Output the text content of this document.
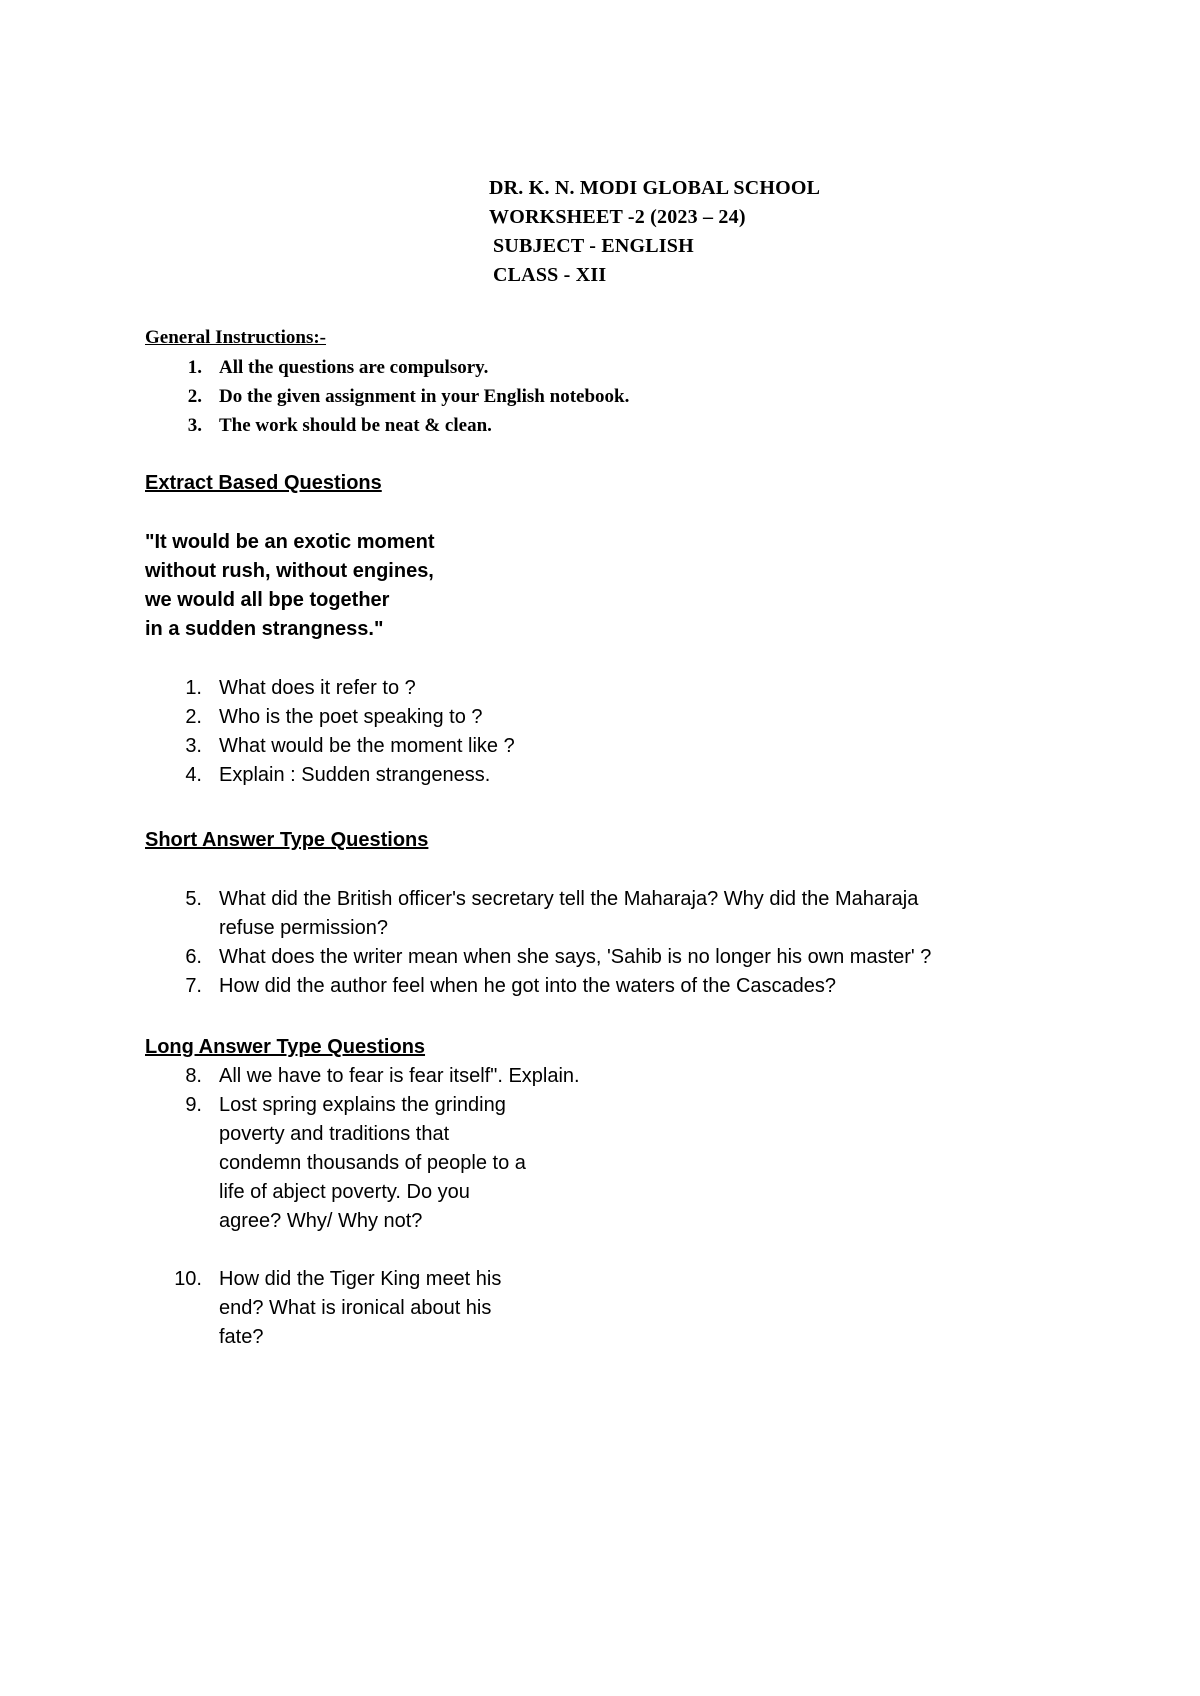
DR. K. N. MODI GLOBAL SCHOOL
WORKSHEET -2 (2023 – 24)
SUBJECT - ENGLISH
CLASS - XII
General Instructions:-
1. All the questions are compulsory.
2. Do the given assignment in your English notebook.
3. The work should be neat & clean.
Extract Based Questions
"It would be an exotic moment
without rush, without engines,
we would all bpe together
in a sudden strangness."
1. What does it refer to ?
2. Who is the poet speaking to ?
3. What would be the moment like ?
4. Explain : Sudden strangeness.
Short Answer Type Questions
5. What did the British officer's secretary tell the Maharaja? Why did the Maharaja
refuse permission?
6. What does the writer mean when she says, 'Sahib is no longer his own master' ?
7. How did the author feel when he got into the waters of the Cascades?
Long Answer Type Questions
8. All we have to fear is fear itself". Explain.
9. Lost spring explains the grinding
poverty and traditions that
condemn thousands of people to a
life of abject poverty. Do you
agree? Why/ Why not?
10. How did the Tiger King meet his
end? What is ironical about his
fate?
